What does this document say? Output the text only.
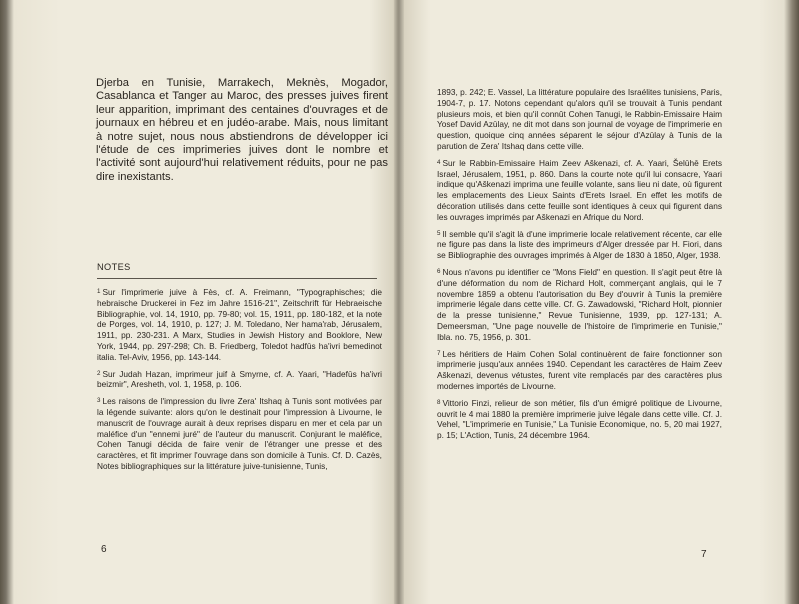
Djerba en Tunisie, Marrakech, Meknès, Mogador, Casablanca et Tanger au Maroc, des presses juives firent leur apparition, imprimant des centaines d'ouvrages et de journaux en hébreu et en judéo-arabe. Mais, nous limitant à notre sujet, nous nous abstiendrons de développer ici l'étude de ces imprimeries juives dont le nombre et l'activité sont aujourd'hui relativement réduits, pour ne pas dire inexistants.

NOTES

$^1$ Sur l'imprimerie juive à Fès, cf. A. Freimann, "Typographisches; die hebraische Druckerei in Fez im Jahre 1516-21", Zeitschrift für Hebraeische Bibliographie, vol. 14, 1910, pp. 79-80; vol. 15, 1911, pp. 180-182, et la note de Porges, vol. 14, 1910, p. 127; J. M. Toledano, Ner hama'rab, Jérusalem, 1911, pp. 230-231. A Marx, Studies in Jewish History and Booklore, New York, 1944, pp. 297-298; Ch. B. Friedberg, Toledot hadfūs ha'ivri bemedinot italia. Tel-Aviv, 1956, pp. 143-144.

$^2$ Sur Judah Hazan, imprimeur juif à Smyrne, cf. A. Yaari, "Hadefūs ha'ivri beizmir", Aresheth, vol. 1, 1958, p. 106.

$^3$ Les raisons de l'impression du livre Zera' Itshaq à Tunis sont motivées par la légende suivante: alors qu'on le destinait pour l'impression à Livourne, le manuscrit de l'ouvrage aurait à deux reprises disparu en mer et cela par un maléfice d'un "ennemi juré" de l'auteur du manuscrit. Conjurant le maléfice, Cohen Tanugi décida de faire venir de l'étranger une presse et des caractères, et fit imprimer l'ouvrage dans son domicile à Tunis. Cf. D. Cazès, Notes bibliographiques sur la littérature juive-tunisienne, Tunis,

6

1893, p. 242; E. Vassel, La littérature populaire des Israélites tunisiens, Paris, 1904-7, p. 17. Notons cependant qu'alors qu'il se trouvait à Tunis pendant plusieurs mois, et bien qu'il connût Cohen Tanugi, le Rabbin-Emissaire Haim Yosef David Azūlay, ne dit mot dans son journal de voyage de l'imprimerie en question, quoique cinq années séparent le séjour d'Azūlay à Tunis de la parution de Zera' Itshaq dans cette ville.

$^4$ Sur le Rabbin-Emissaire Haim Zeev Aškenazi, cf. A. Yaari, Šelūhē Erets Israel, Jérusalem, 1951, p. 860. Dans la courte note qu'il lui consacre, Yaari indique qu'Aškenazi imprima une feuille volante, sans lieu ni date, où figurent les emplacements des Lieux Saints d'Erets Israel. En effet les motifs de décoration utilisés dans cette feuille sont identiques à ceux qui figurent dans les ouvrages imprimés par Aškenazi en Afrique du Nord.

$^5$ Il semble qu'il s'agit là d'une imprimerie locale relativement récente, car elle ne figure pas dans la liste des imprimeurs d'Alger dressée par H. Fiori, dans se Bibliographie des ouvrages imprimés à Alger de 1830 à 1850, Alger, 1938.

$^6$ Nous n'avons pu identifier ce "Mons Field" en question. Il s'agit peut être là d'une déformation du nom de Richard Holt, commerçant anglais, qui le 7 novembre 1859 a obtenu l'autorisation du Bey d'ouvrir à Tunis la première imprimerie légale dans cette ville. Cf. G. Zawadowski, "Richard Holt, pionnier de la presse tunisienne," Revue Tunisienne, 1939, pp. 127-131; A. Demeersman, "Une page nouvelle de l'histoire de l'imprimerie en Tunisie," Ibla. no. 75, 1956, p. 301.

$^7$ Les héritiers de Haim Cohen Solal continuèrent de faire fonctionner son imprimerie jusqu'aux années 1940. Cependant les caractères de Haim Zeev Aškenazi, devenus vétustes, furent vite remplacés par des caractères plus modernes importés de Livourne.

$^8$ Vittorio Finzi, relieur de son métier, fils d'un émigré politique de Livourne, ouvrit le 4 mai 1880 la première imprimerie juive légale dans cette ville. Cf. J. Vehel, "L'imprimerie en Tunisie," La Tunisie Economique, no. 5, 20 mai 1927, p. 15; L'Action, Tunis, 24 décembre 1964.

7
